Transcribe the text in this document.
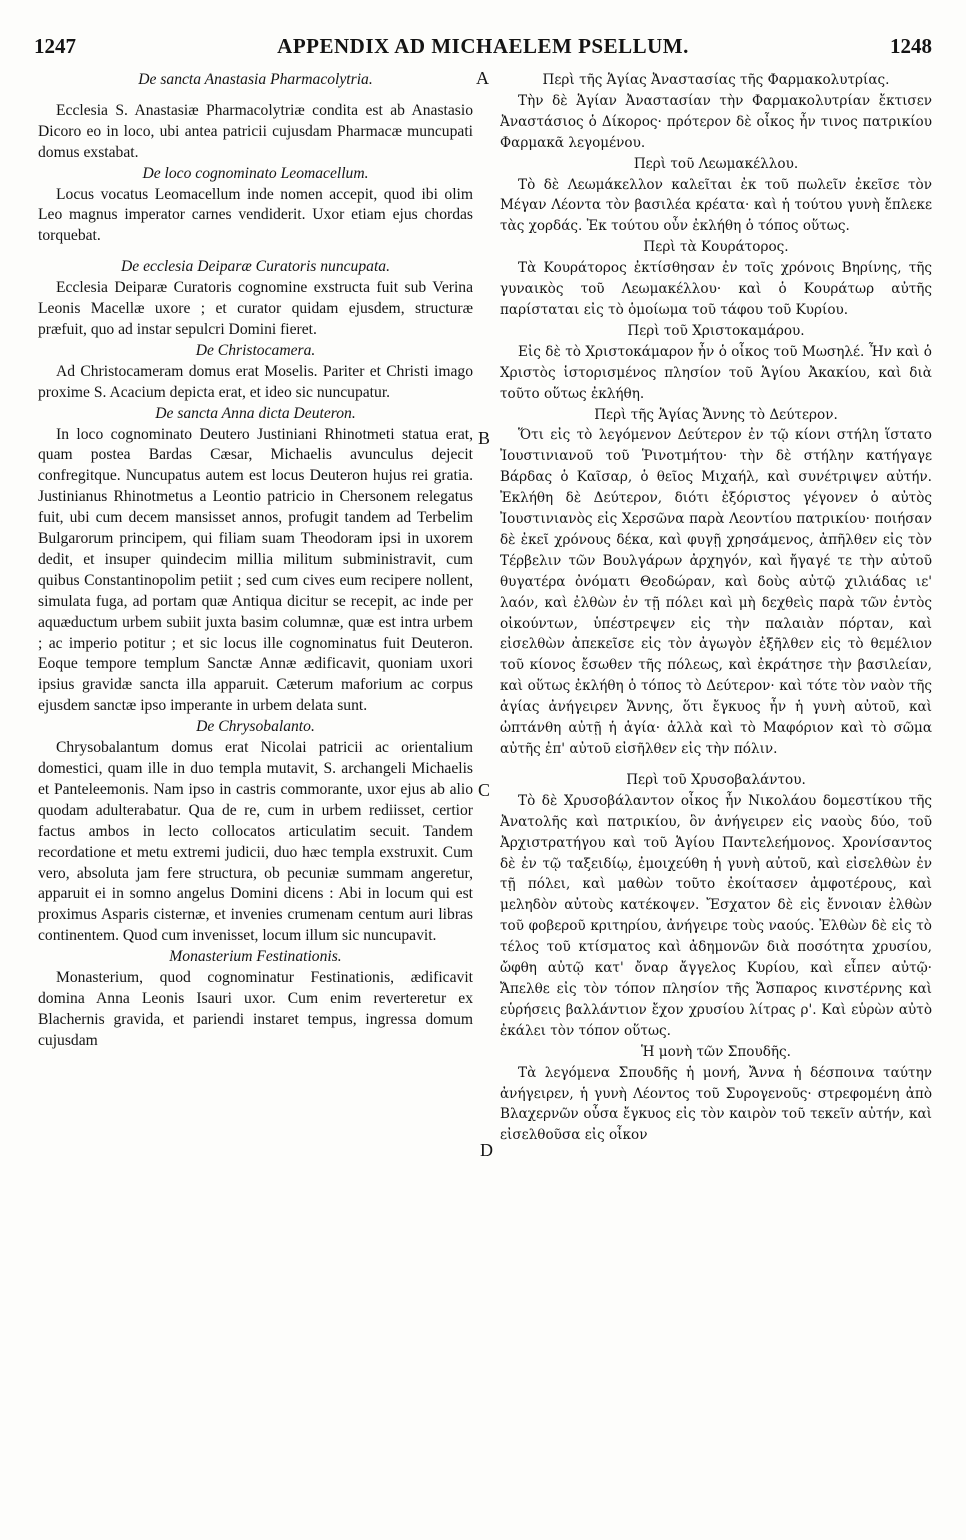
1247	APPENDIX AD MICHAELEM PSELLUM.	1248

De sancta Anastasia Pharmacolytria.

Ecclesia S. Anastasiæ Pharmacolytriæ condita est ab Anastasio Dicoro eo in loco, ubi antea patricii cujusdam Pharmacæ muncupati domus exstabat.

De loco cognominato Leomacellum.

Locus vocatus Leomacellum inde nomen accepit, quod ibi olim Leo magnus imperator carnes vendiderit. Uxor etiam ejus chordas torquebat.

De ecclesia Deiparæ Curatoris nuncupata.

Ecclesia Deiparæ Curatoris cognomine exstructa fuit sub Verina Leonis Macellæ uxore ; et curator quidam ejusdem, structuræ præfuit, quo ad instar sepulcri Domini fieret.

De Christocamera.

Ad Christocameram domus erat Moselis. Pariter et Christi imago proxime S. Acacium depicta erat, et ideo sic nuncupatur.

De sancta Anna dicta Deuteron.

In loco cognominato Deutero Justiniani Rhinotmeti statua erat, quam postea Bardas Cæsar, Michaelis avunculus dejecit confregitque. Nuncupatus autem est locus Deuteron hujus rei gratia. Justinianus Rhinotmetus a Leontio patricio in Chersonem relegatus fuit, ubi cum decem mansisset annos, profugit tandem ad Terbelim Bulgarorum principem, qui filiam suam Theodoram ipsi in uxorem dedit, et insuper quindecim millia militum subministravit, cum quibus Constantinopolim petiit ; sed cum cives eum recipere nollent, simulata fuga, ad portam quæ Antiqua dicitur se recepit, ac inde per aquæductum urbem subiit juxta basim columnæ, quæ est intra urbem ; ac imperio potitur ; et sic locus ille cognominatus fuit Deuteron. Eoque tempore templum Sanctæ Annæ ædificavit, quoniam uxori ipsius gravidæ sancta illa apparuit. Cæterum maforium ac corpus ejusdem sanctæ ipso imperante in urbem delata sunt.

De Chrysobalanto.

Chrysobalantum domus erat Nicolai patricii ac orientalium domestici, quam ille in duo templa mutavit, S. archangeli Michaelis et Panteleemonis. Nam ipso in castris commorante, uxor ejus ab alio quodam adulterabatur. Qua de re, cum in urbem rediisset, certior factus ambos in lecto collocatos articulatim secuit. Tandem recordatione et metu extremi judicii, duo hæc templa exstruxit. Cum vero, absoluta jam fere structura, ob pecuniæ summam angeretur, apparuit ei in somno angelus Domini dicens : Abi in locum qui est proximus Asparis cisternæ, et invenies crumenam centum auri libras continentem. Quod cum invenisset, locum illum sic nuncupavit.

Monasterium Festinationis.

Monasterium, quod cognominatur Festinationis, ædificavit domina Anna Leonis Isauri uxor. Cum enim reverteretur ex Blachernis gravida, et pariendi instaret tempus, ingressa domum cujusdam

A
B
C
D

Περὶ τῆς Ἁγίας Ἀναστασίας τῆς Φαρμακολυτρίας.

Τὴν δὲ Ἁγίαν Ἀναστασίαν τὴν Φαρμακολυτρίαν ἔκτισεν Ἀναστάσιος ὁ Δίκορος· πρότερον δὲ οἶκος ἦν τινος πατρικίου Φαρμακᾶ λεγομένου.

Περὶ τοῦ Λεωμακέλλου.

Τὸ δὲ Λεωμάκελλον καλεῖται ἐκ τοῦ πωλεῖν ἐκεῖσε τὸν Μέγαν Λέοντα τὸν βασιλέα κρέατα· καὶ ἡ τούτου γυνὴ ἔπλεκε τὰς χορδάς. Ἐκ τούτου οὖν ἐκλήθη ὁ τόπος οὕτως.

Περὶ τὰ Κουράτορος.

Τὰ Κουράτορος ἐκτίσθησαν ἐν τοῖς χρόνοις Βηρίνης, τῆς γυναικὸς τοῦ Λεωμακέλλου· καὶ ὁ Κουράτωρ αὐτῆς παρίσταται εἰς τὸ ὁμοίωμα τοῦ τάφου τοῦ Κυρίου.

Περὶ τοῦ Χριστοκαμάρου.

Εἰς δὲ τὸ Χριστοκάμαρον ἦν ὁ οἶκος τοῦ Μωσηλέ. Ἦν καὶ ὁ Χριστὸς ἱστορισμένος πλησίον τοῦ Ἁγίου Ἀκακίου, καὶ διὰ τοῦτο οὕτως ἐκλήθη.

Περὶ τῆς Ἁγίας Ἄννης τὸ Δεύτερον.

Ὅτι εἰς τὸ λεγόμενον Δεύτερον ἐν τῷ κίονι στήλη ἵστατο Ἰουστινιανοῦ τοῦ Ῥινοτμήτου· τὴν δὲ στήλην κατήγαγε Βάρδας ὁ Καῖσαρ, ὁ θεῖος Μιχαήλ, καὶ συνέτριψεν αὐτήν. Ἐκλήθη δὲ Δεύτερον, διότι ἐξόριστος γέγονεν ὁ αὐτὸς Ἰουστινιανὸς εἰς Χερσῶνα παρὰ Λεοντίου πατρικίου· ποιήσαν δὲ ἐκεῖ χρόνους δέκα, καὶ φυγῇ χρησάμενος, ἀπῆλθεν εἰς τὸν Τέρβελιν τῶν Βουλγάρων ἀρχηγόν, καὶ ἤγαγέ τε τὴν αὐτοῦ θυγατέρα ὀνόματι Θεοδώραν, καὶ δοὺς αὐτῷ χιλιάδας ιε' λαόν, καὶ ἐλθὼν ἐν τῇ πόλει καὶ μὴ δεχθεὶς παρὰ τῶν ἐντὸς οἰκούντων, ὑπέστρεψεν εἰς τὴν παλαιὰν πόρταν, καὶ εἰσελθὼν ἀπεκεῖσε εἰς τὸν ἀγωγὸν ἐξῆλθεν εἰς τὸ θεμέλιον τοῦ κίονος ἔσωθεν τῆς πόλεως, καὶ ἐκράτησε τὴν βασιλείαν, καὶ οὕτως ἐκλήθη ὁ τόπος τὸ Δεύτερον· καὶ τότε τὸν ναὸν τῆς ἁγίας ἀνήγειρεν Ἄννης, ὅτι ἔγκυος ἦν ἡ γυνὴ αὐτοῦ, καὶ ὠπτάνθη αὐτῇ ἡ ἁγία· ἀλλὰ καὶ τὸ Μαφόριον καὶ τὸ σῶμα αὐτῆς ἐπ' αὐτοῦ εἰσῆλθεν εἰς τὴν πόλιν.

Περὶ τοῦ Χρυσοβαλάντου.

Τὸ δὲ Χρυσοβάλαντον οἶκος ἦν Νικολάου δομεστίκου τῆς Ἀνατολῆς καὶ πατρικίου, ὃν ἀνήγειρεν εἰς ναοὺς δύο, τοῦ Ἀρχιστρατήγου καὶ τοῦ Ἁγίου Παντελεήμονος. Χρονίσαντος δὲ ἐν τῷ ταξειδίῳ, ἐμοιχεύθη ἡ γυνὴ αὐτοῦ, καὶ εἰσελθὼν ἐν τῇ πόλει, καὶ μαθὼν τοῦτο ἐκοίτασεν ἀμφοτέρους, καὶ μεληδὸν αὐτοὺς κατέκοψεν. Ἔσχατον δὲ εἰς ἔννοιαν ἐλθὼν τοῦ φοβεροῦ κριτηρίου, ἀνήγειρε τοὺς ναούς. Ἐλθὼν δὲ εἰς τὸ τέλος τοῦ κτίσματος καὶ ἀδημονῶν διὰ ποσότητα χρυσίου, ὤφθη αὐτῷ κατ' ὄναρ ἄγγελος Κυρίου, καὶ εἶπεν αὐτῷ· Ἄπελθε εἰς τὸν τόπον πλησίον τῆς Ἄσπαρος κινστέρνης καὶ εὑρήσεις βαλλάντιον ἔχον χρυσίου λίτρας ρ'. Καὶ εὑρὼν αὐτὸ ἐκάλει τὸν τόπον οὕτως.

Ἡ μονὴ τῶν Σπουδῆς.

Τὰ λεγόμενα Σπουδῆς ἡ μονή, Ἄννα ἡ δέσποινα ταύτην ἀνήγειρεν, ἡ γυνὴ Λέοντος τοῦ Συρογενοῦς· στρεφομένη ἀπὸ Βλαχερνῶν οὖσα ἔγκυος εἰς τὸν καιρὸν τοῦ τεκεῖν αὐτήν, καὶ εἰσελθοῦσα εἰς οἶκον
